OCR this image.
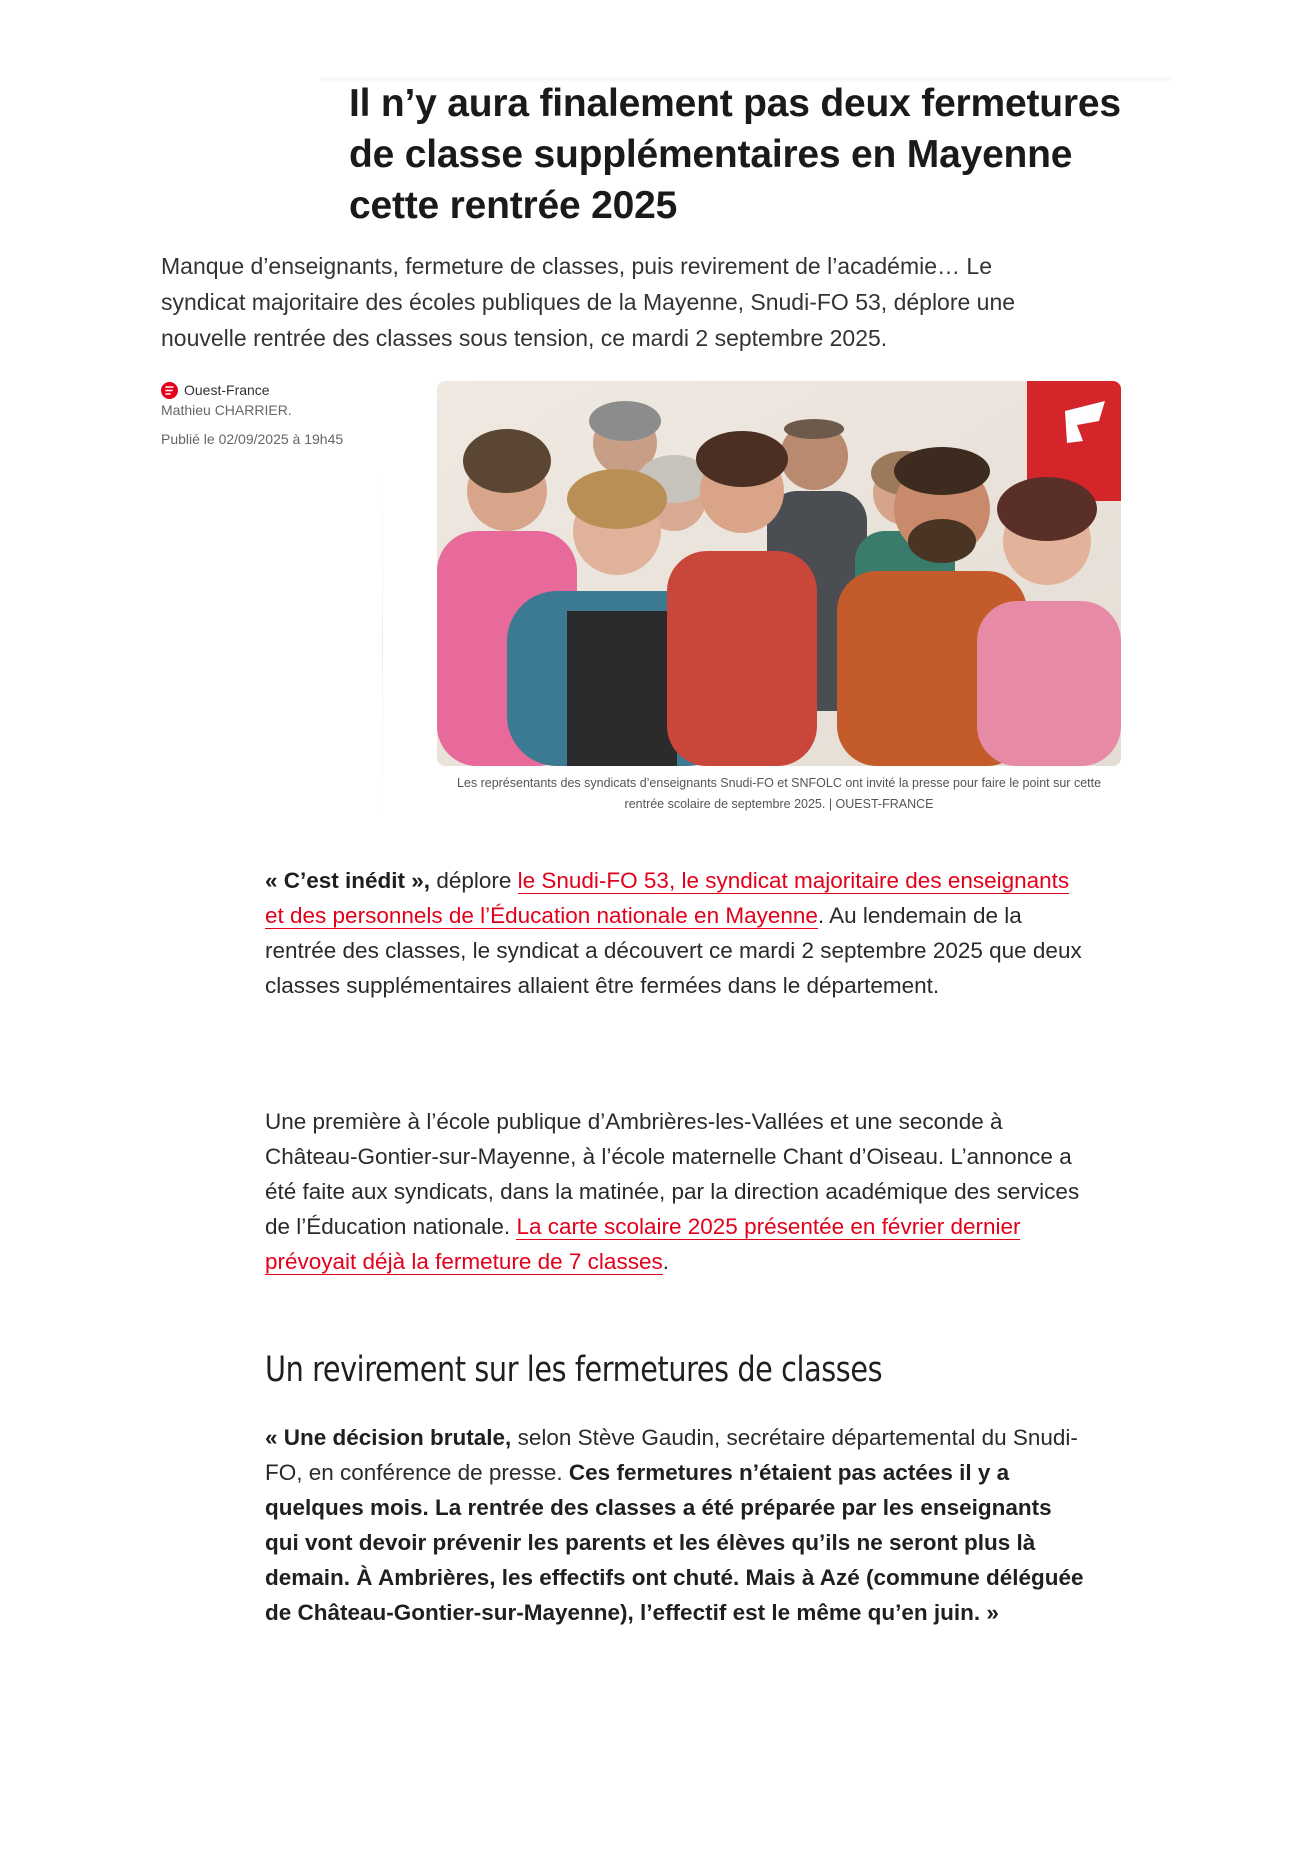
Il n’y aura finalement pas deux fermetures de classe supplémentaires en Mayenne cette rentrée 2025

Manque d’enseignants, fermeture de classes, puis revirement de l’académie… Le syndicat majoritaire des écoles publiques de la Mayenne, Snudi-FO 53, déplore une nouvelle rentrée des classes sous tension, ce mardi 2 septembre 2025.

Ouest-France
Mathieu CHARRIER.
Publié le 02/09/2025 à 19h45
Les représentants des syndicats d’enseignants Snudi-FO et SNFOLC ont invité la presse pour faire le point sur cette rentrée scolaire de septembre 2025. | OUEST-FRANCE

« C’est inédit », déplore le Snudi-FO 53, le syndicat majoritaire des enseignants et des personnels de l’Éducation nationale en Mayenne. Au lendemain de la rentrée des classes, le syndicat a découvert ce mardi 2 septembre 2025 que deux classes supplémentaires allaient être fermées dans le département.

Une première à l’école publique d’Ambrières-les-Vallées et une seconde à Château-Gontier-sur-Mayenne, à l’école maternelle Chant d’Oiseau. L’annonce a été faite aux syndicats, dans la matinée, par la direction académique des services de l’Éducation nationale. La carte scolaire 2025 présentée en février dernier prévoyait déjà la fermeture de 7 classes.

Un revirement sur les fermetures de classes

« Une décision brutale, selon Stève Gaudin, secrétaire départemental du Snudi-FO, en conférence de presse. Ces fermetures n’étaient pas actées il y a quelques mois. La rentrée des classes a été préparée par les enseignants qui vont devoir prévenir les parents et les élèves qu’ils ne seront plus là demain. À Ambrières, les effectifs ont chuté. Mais à Azé (commune déléguée de Château-Gontier-sur-Mayenne), l’effectif est le même qu’en juin. »
